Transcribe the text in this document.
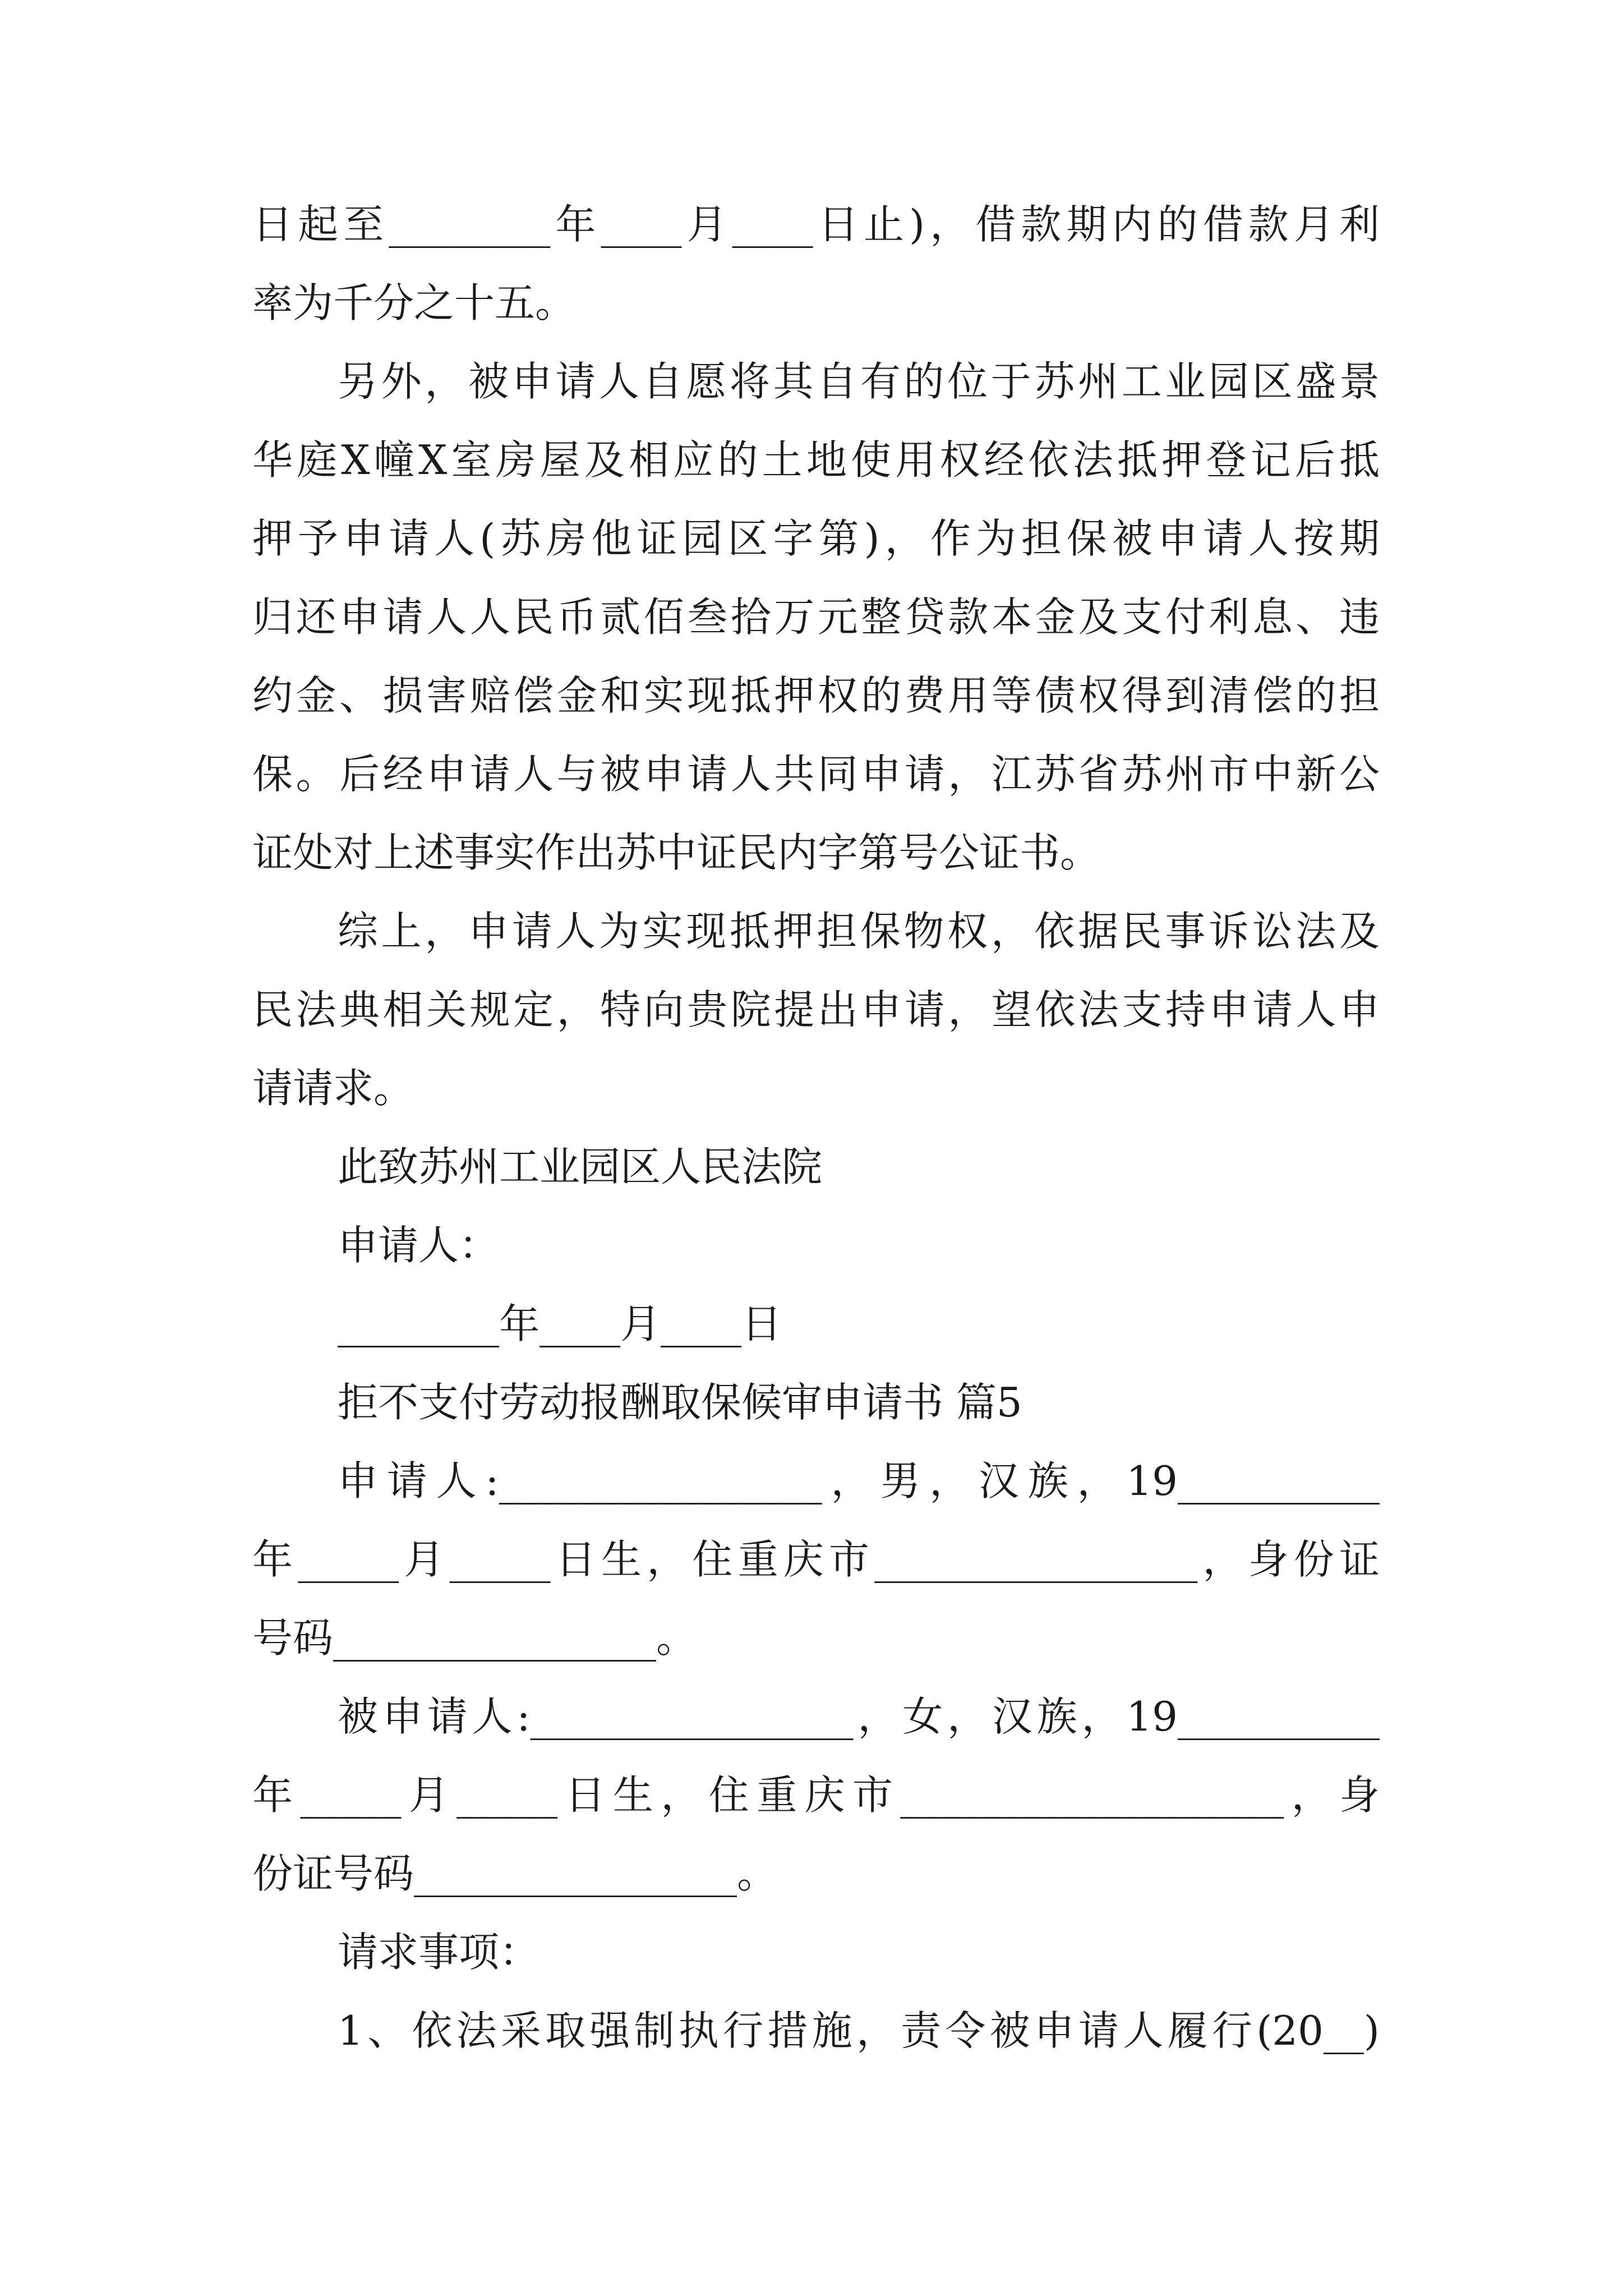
日起至________年____月____日止)，借款期内的借款月利
率为千分之十五。
另外，被申请人自愿将其自有的位于苏州工业园区盛景
华庭X幢X室房屋及相应的土地使用权经依法抵押登记后抵
押予申请人(苏房他证园区字第)，作为担保被申请人按期
归还申请人人民币贰佰叁拾万元整贷款本金及支付利息、违
约金、损害赔偿金和实现抵押权的费用等债权得到清偿的担
保。后经申请人与被申请人共同申请，江苏省苏州市中新公
证处对上述事实作出苏中证民内字第号公证书。
综上，申请人为实现抵押担保物权，依据民事诉讼法及
民法典相关规定，特向贵院提出申请，望依法支持申请人申
请请求。
此致苏州工业园区人民法院
申请人：
________年____月____日
拒不支付劳动报酬取保候审申请书 篇5
申请人:________________，男，汉族，19__________
年_____月_____日生，住重庆市________________，身份证
号码________________。
被申请人:________________，女，汉族，19__________
年_____月_____日生，住重庆市___________________，身
份证号码________________。
请求事项：
1、依法采取强制执行措施，责令被申请人履行(20__)
